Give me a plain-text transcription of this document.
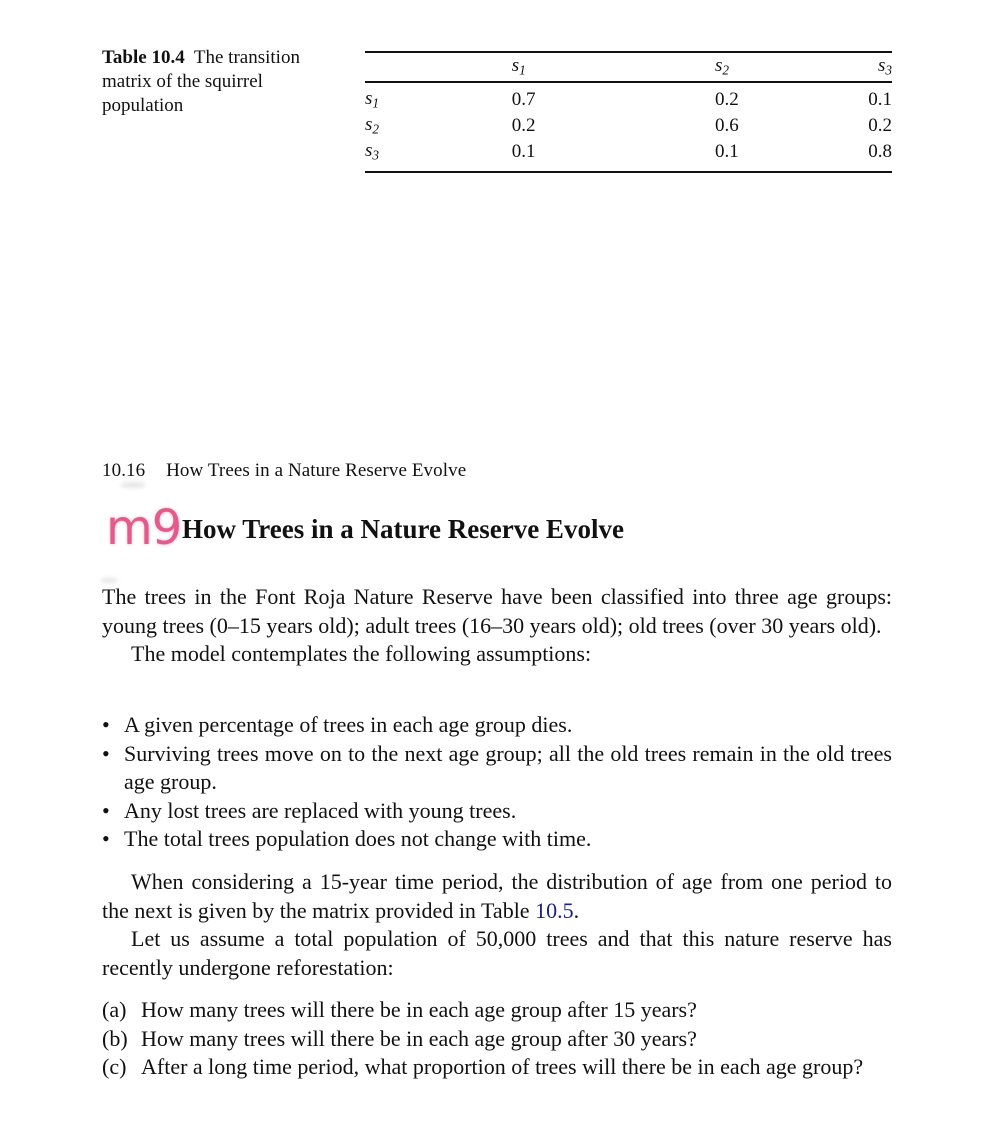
Table 10.4 The transition matrix of the squirrel population
	$s_1$	$s_2$	$s_3$
$s_1$	0.7	0.2	0.1
$s_2$	0.2	0.6	0.2
$s_3$	0.1	0.1	0.8
10.16 How Trees in a Nature Reserve Evolve
m9 How Trees in a Nature Reserve Evolve

The trees in the Font Roja Nature Reserve have been classified into three age groups: young trees (0–15 years old); adult trees (16–30 years old); old trees (over 30 years old).

The model contemplates the following assumptions:

• A given percentage of trees in each age group dies.
• Surviving trees move on to the next age group; all the old trees remain in the old trees age group.
• Any lost trees are replaced with young trees.
• The total trees population does not change with time.

When considering a 15-year time period, the distribution of age from one period to the next is given by the matrix provided in Table 10.5.

Let us assume a total population of 50,000 trees and that this nature reserve has recently undergone reforestation:

(a) How many trees will there be in each age group after 15 years?
(b) How many trees will there be in each age group after 30 years?
(c) After a long time period, what proportion of trees will there be in each age group?
